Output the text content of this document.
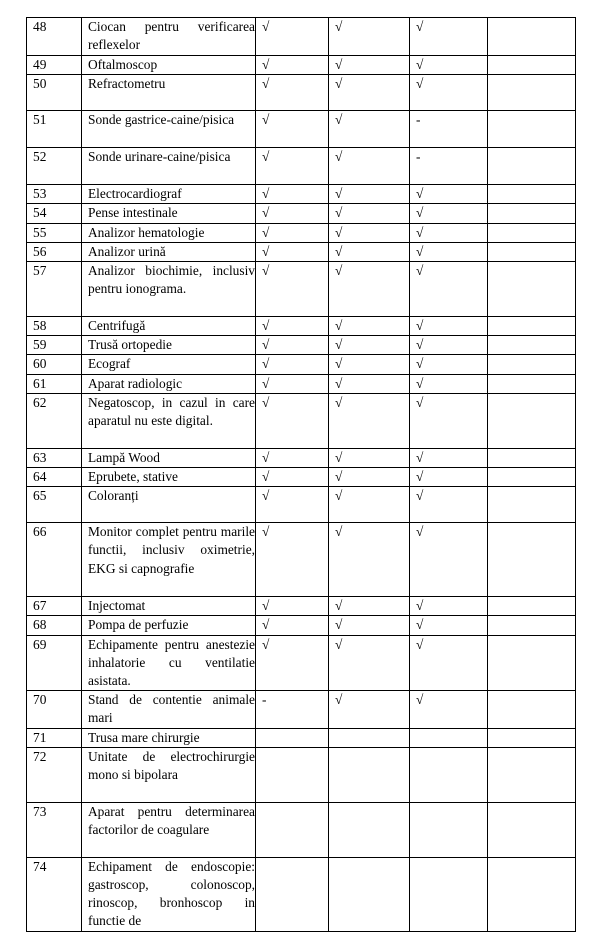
48	Ciocan pentru verificarea reflexelor	√	√	√	
49	Oftalmoscop	√	√	√	
50	Refractometru	√	√	√	
51	Sonde gastrice-caine/pisica	√	√	-	
52	Sonde urinare-caine/pisica	√	√	-	
53	Electrocardiograf	√	√	√	
54	Pense intestinale	√	√	√	
55	Analizor hematologie	√	√	√	
56	Analizor urină	√	√	√	
57	Analizor biochimie, inclusiv pentru ionograma.	√	√	√	
58	Centrifugă	√	√	√	
59	Trusă ortopedie	√	√	√	
60	Ecograf	√	√	√	
61	Aparat radiologic	√	√	√	
62	Negatoscop, in cazul in care aparatul nu este digital.	√	√	√	
63	Lampă Wood	√	√	√	
64	Eprubete, stative	√	√	√	
65	Coloranți	√	√	√	
66	Monitor complet pentru marile functii, inclusiv oximetrie, EKG si capnografie	√	√	√	
67	Injectomat	√	√	√	
68	Pompa de perfuzie	√	√	√	
69	Echipamente pentru anestezie inhalatorie cu ventilatie asistata.	√	√	√	
70	Stand de contentie animale mari	-	√	√	
71	Trusa mare chirurgie				
72	Unitate de electrochirurgie mono si bipolara				
73	Aparat pentru determinarea factorilor de coagulare				
74	Echipament de endoscopie: gastroscop, colonoscop, rinoscop, bronhoscop in functie de				
